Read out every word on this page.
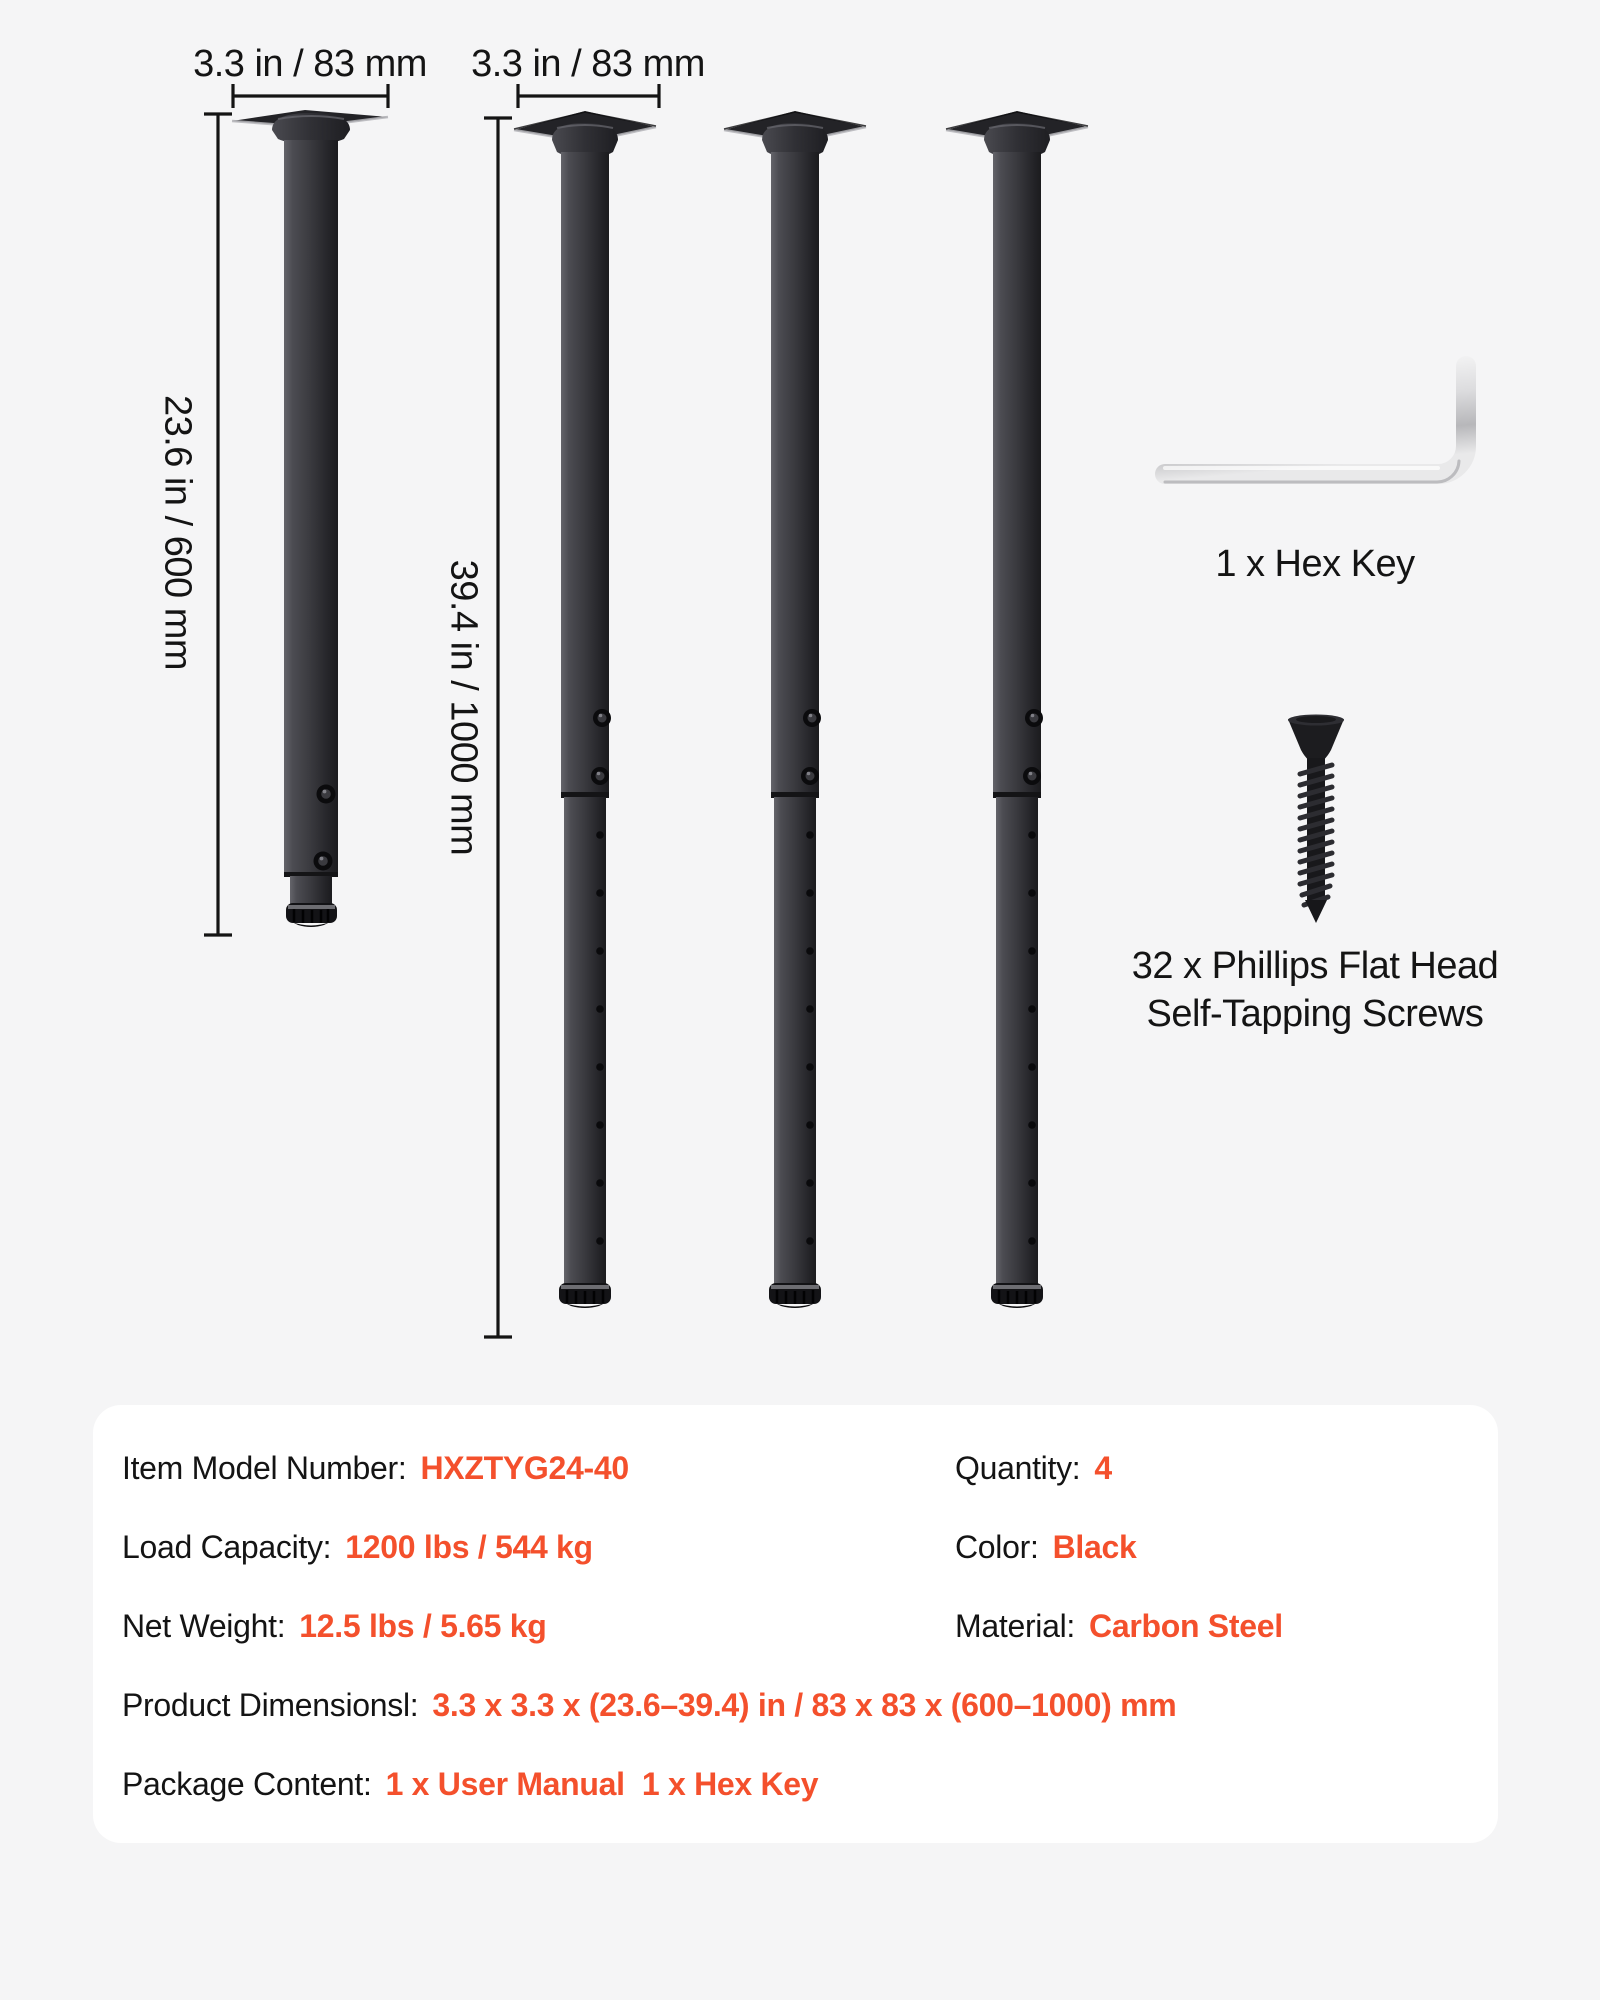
3.3 in / 83 mm 3.3 in / 83 mm
23.6 in / 600 mm
39.4 in / 1000 mm	1 x Hex Key
32 x Phillips Flat Head
Self-Tapping Screws
Item Model Number: HXZTYG24-40	Quantity: 4
Load Capacity: 1200 lbs / 544 kg	Color: Black
Net Weight: 12.5 lbs / 5.65 kg	Material: Carbon Steel
Product Dimensionsl: 3.3 x 3.3 x (23.6–39.4) in / 83 x 83 x (600–1000) mm
Package Content: 1 x User Manual  1 x Hex Key
